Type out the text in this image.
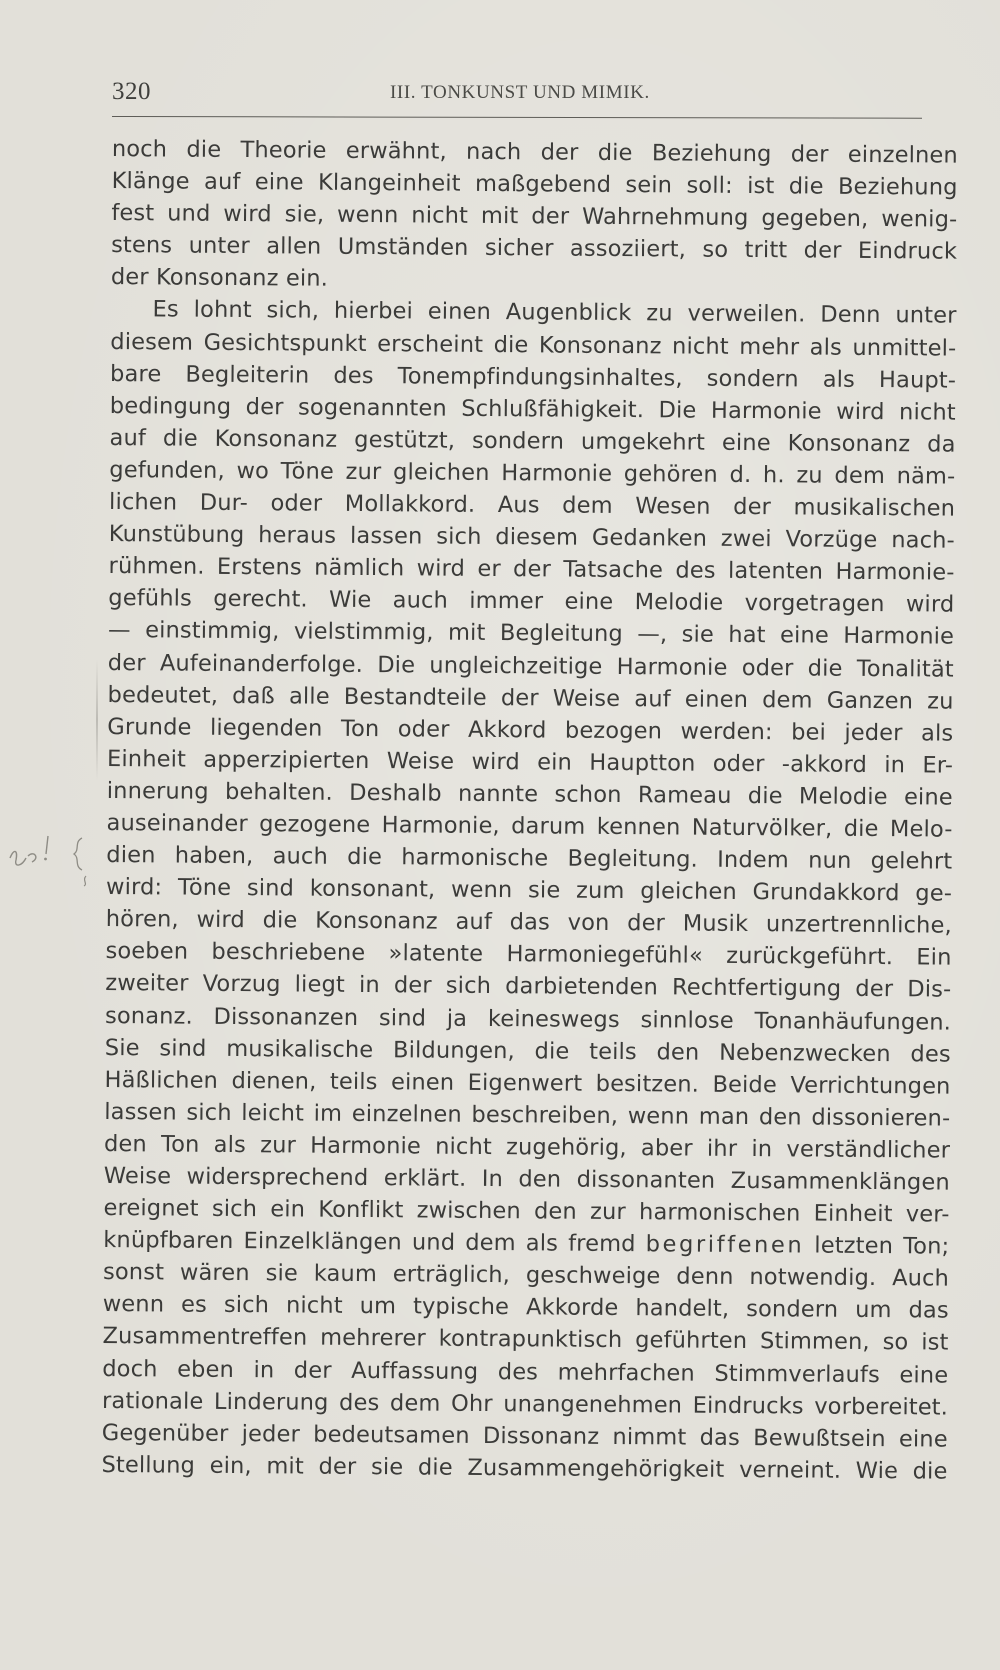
320	III. TONKUNST UND MIMIK.
noch die Theorie erwähnt, nach der die Beziehung der einzelnen
Klänge auf eine Klangeinheit maßgebend sein soll: ist die Beziehung
fest und wird sie, wenn nicht mit der Wahrnehmung gegeben, wenig-
stens unter allen Umständen sicher assoziiert, so tritt der Eindruck
der Konsonanz ein.
Es lohnt sich, hierbei einen Augenblick zu verweilen. Denn unter
diesem Gesichtspunkt erscheint die Konsonanz nicht mehr als unmittel-
bare Begleiterin des Tonempfindungsinhaltes, sondern als Haupt-
bedingung der sogenannten Schlußfähigkeit. Die Harmonie wird nicht
auf die Konsonanz gestützt, sondern umgekehrt eine Konsonanz da
gefunden, wo Töne zur gleichen Harmonie gehören d. h. zu dem näm-
lichen Dur- oder Mollakkord. Aus dem Wesen der musikalischen
Kunstübung heraus lassen sich diesem Gedanken zwei Vorzüge nach-
rühmen. Erstens nämlich wird er der Tatsache des latenten Harmonie-
gefühls gerecht. Wie auch immer eine Melodie vorgetragen wird
— einstimmig, vielstimmig, mit Begleitung —, sie hat eine Harmonie
der Aufeinanderfolge. Die ungleichzeitige Harmonie oder die Tonalität
bedeutet, daß alle Bestandteile der Weise auf einen dem Ganzen zu
Grunde liegenden Ton oder Akkord bezogen werden: bei jeder als
Einheit apperzipierten Weise wird ein Hauptton oder -akkord in Er-
innerung behalten. Deshalb nannte schon Rameau die Melodie eine
auseinander gezogene Harmonie, darum kennen Naturvölker, die Melo-
dien haben, auch die harmonische Begleitung. Indem nun gelehrt
wird: Töne sind konsonant, wenn sie zum gleichen Grundakkord ge-
hören, wird die Konsonanz auf das von der Musik unzertrennliche,
soeben beschriebene »latente Harmoniegefühl« zurückgeführt. Ein
zweiter Vorzug liegt in der sich darbietenden Rechtfertigung der Dis-
sonanz. Dissonanzen sind ja keineswegs sinnlose Tonanhäufungen.
Sie sind musikalische Bildungen, die teils den Nebenzwecken des
Häßlichen dienen, teils einen Eigenwert besitzen. Beide Verrichtungen
lassen sich leicht im einzelnen beschreiben, wenn man den dissonieren-
den Ton als zur Harmonie nicht zugehörig, aber ihr in verständlicher
Weise widersprechend erklärt. In den dissonanten Zusammenklängen
ereignet sich ein Konflikt zwischen den zur harmonischen Einheit ver-
knüpfbaren Einzelklängen und dem als fremd begriffenen letzten Ton;
sonst wären sie kaum erträglich, geschweige denn notwendig. Auch
wenn es sich nicht um typische Akkorde handelt, sondern um das
Zusammentreffen mehrerer kontrapunktisch geführten Stimmen, so ist
doch eben in der Auffassung des mehrfachen Stimmverlaufs eine
rationale Linderung des dem Ohr unangenehmen Eindrucks vorbereitet.
Gegenüber jeder bedeutsamen Dissonanz nimmt das Bewußtsein eine
Stellung ein, mit der sie die Zusammengehörigkeit verneint. Wie die
